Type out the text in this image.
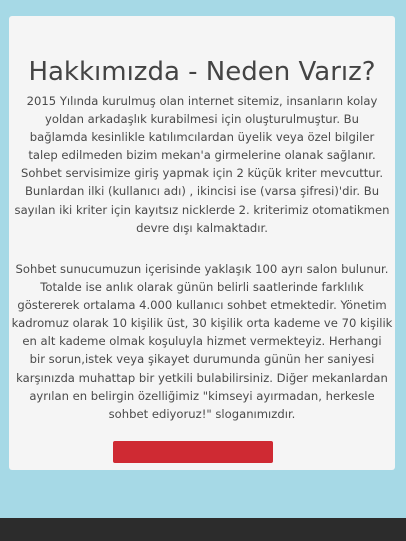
Hakkımızda - Neden Varız?

2015 Yılında kurulmuş olan internet sitemiz, insanların kolay
yoldan arkadaşlık kurabilmesi için oluşturulmuştur. Bu
bağlamda kesinlikle katılımcılardan üyelik veya özel bilgiler
talep edilmeden bizim mekan'a girmelerine olanak sağlanır.
Sohbet servisimize giriş yapmak için 2 küçük kriter mevcuttur.
Bunlardan ilki (kullanıcı adı) , ikincisi ise (varsa şifresi)'dir. Bu
sayılan iki kriter için kayıtsız nicklerde 2. kriterimiz otomatikmen
devre dışı kalmaktadır.

Sohbet sunucumuzun içerisinde yaklaşık 100 ayrı salon bulunur.
Totalde ise anlık olarak günün belirli saatlerinde farklılık
göstererek ortalama 4.000 kullanıcı sohbet etmektedir. Yönetim
kadromuz olarak 10 kişilik üst, 30 kişilik orta kademe ve 70 kişilik
en alt kademe olmak koşuluyla hizmet vermekteyiz. Herhangi
bir sorun,istek veya şikayet durumunda günün her saniyesi
karşınızda muhattap bir yetkili bulabilirsiniz. Diğer mekanlardan
ayrılan en belirgin özelliğimiz "kimseyi ayırmadan, herkesle
sohbet ediyoruz!" sloganımızdır.
